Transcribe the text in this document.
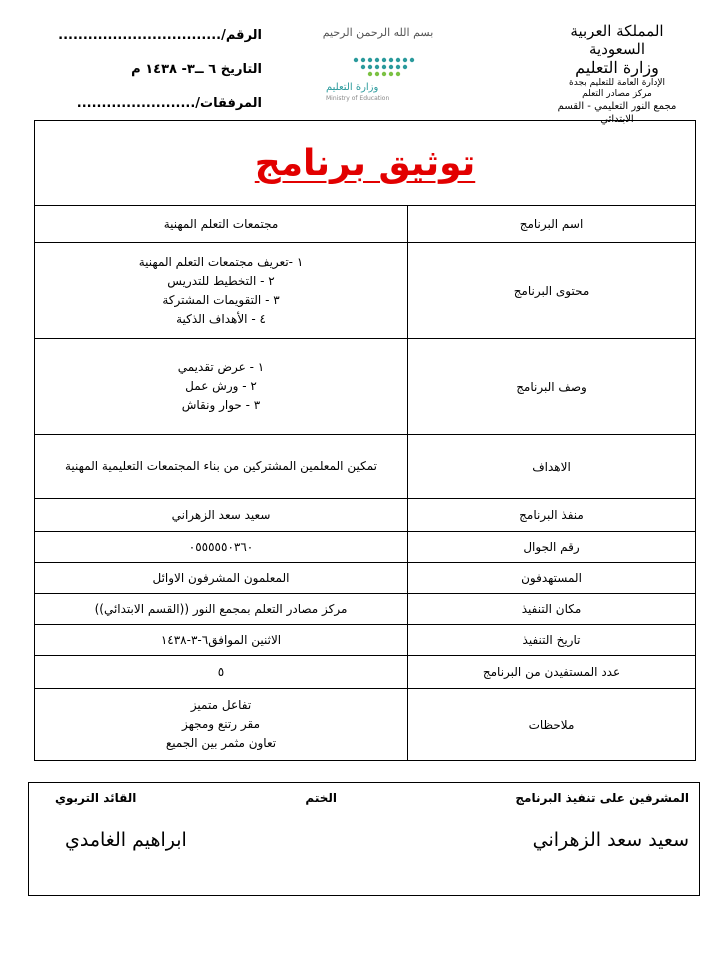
المملكة العربية السعودية
وزارة التعليم
الإدارة العامة للتعليم بجدة
مركز مصادر التعلم
مجمع النور التعليمي - القسم الابتدائي
بسم الله الرحمن الرحيم
وزارة التعليم
Ministry of Education
الرقم/.................................
التاريخ ٦ ــ٣- ١٤٣٨ م
المرفقات/........................
توثيق برنامج	
اسم البرنامج	مجتمعات التعلم المهنية

محتوى البرنامج	١ -تعريف مجتمعات التعلم المهنية
٢ - التخطيط للتدريس
٣ - التقويمات المشتركة
٤ - الأهداف الذكية

وصف البرنامج	١ - عرض تقديمي
٢ - ورش عمل
٣ - حوار ونقاش

الاهداف	تمكين المعلمين المشتركين من بناء المجتمعات التعليمية المهنية

منفذ البرنامج	سعيد سعد الزهراني

رقم الجوال	٠٥٥٥٥٥٠٣٦٠

المستهدفون	المعلمون المشرفون الاوائل

مكان التنفيذ	مركز مصادر التعلم بمجمع النور ((القسم الابتدائي))

تاريخ التنفيذ	الاثنين الموافق٦-٣-١٤٣٨

عدد المستفيدن من البرنامج	٥

ملاحظات	تفاعل متميز
مقر رتنع ومجهز
تعاون مثمر بين الجميع
المشرفين على تنفيذ البرنامج
الختم
القائد التربوي
سعيد سعد الزهراني
ابراهيم الغامدي
